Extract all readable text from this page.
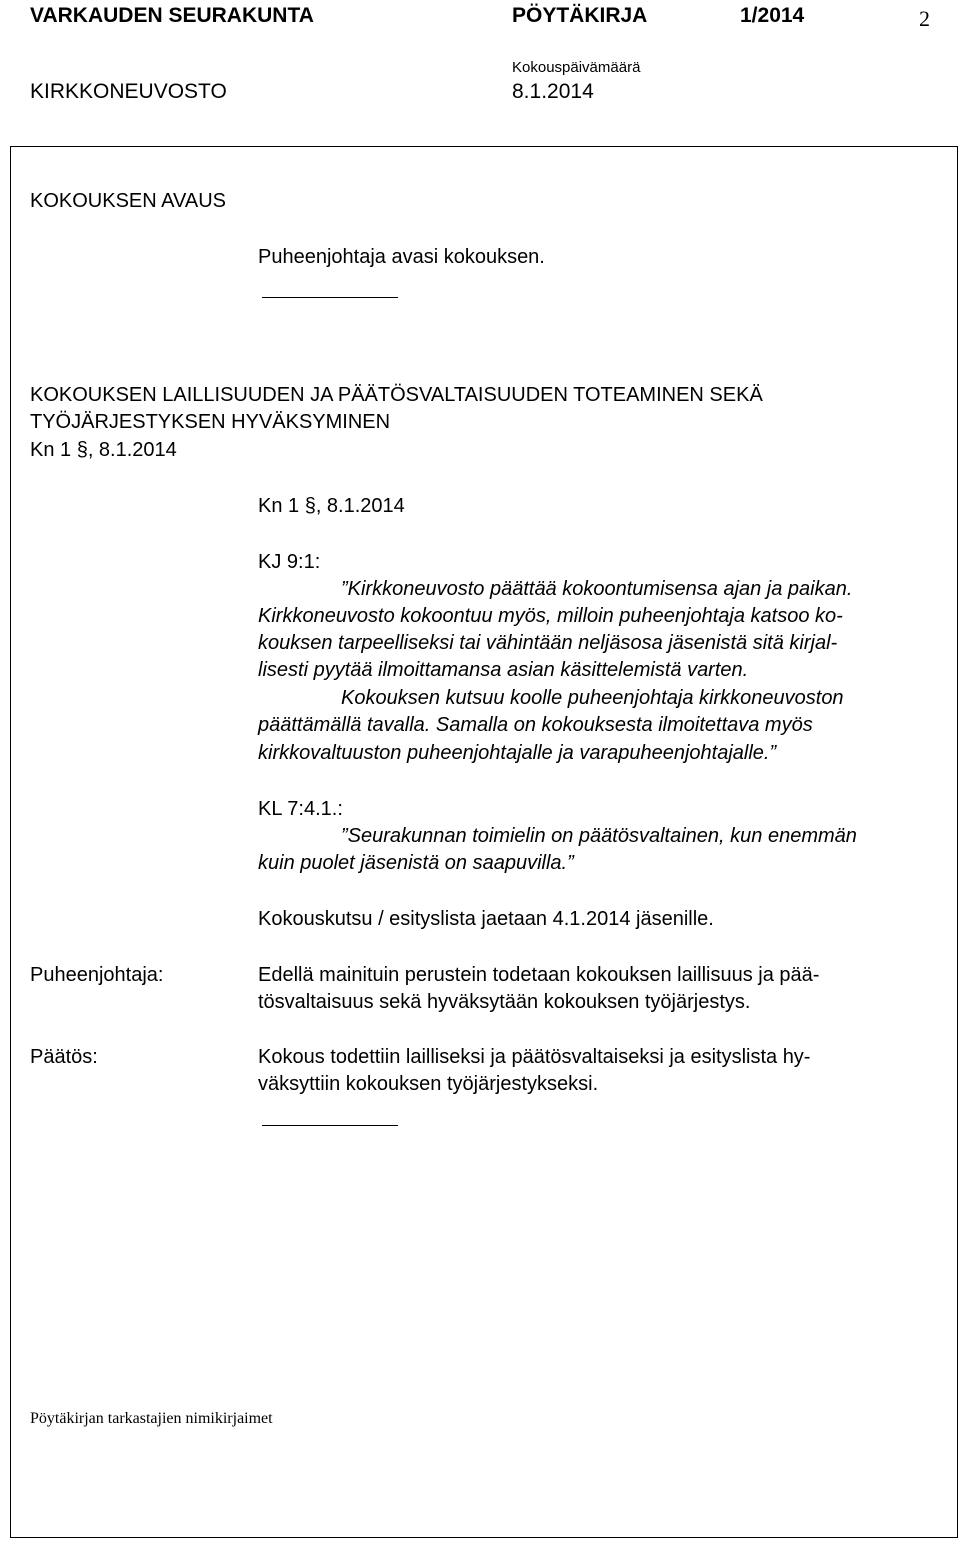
VARKAUDEN SEURAKUNTA	PÖYTÄKIRJA	1/2014	2
Kokouspäivämäärä
KIRKKONEUVOSTO	8.1.2014
KOKOUKSEN AVAUS
Puheenjohtaja avasi kokouksen.
KOKOUKSEN LAILLISUUDEN JA PÄÄTÖSVALTAISUUDEN TOTEAMINEN SEKÄ
TYÖJÄRJESTYKSEN HYVÄKSYMINEN
Kn 1 §, 8.1.2014
Kn 1 §, 8.1.2014
KJ 9:1:
”Kirkkoneuvosto päättää kokoontumisensa ajan ja paikan.
Kirkkoneuvosto kokoontuu myös, milloin puheenjohtaja katsoo ko-
kouksen tarpeelliseksi tai vähintään neljäsosa jäsenistä sitä kirjal-
lisesti pyytää ilmoittamansa asian käsittelemistä varten.
Kokouksen kutsuu koolle puheenjohtaja kirkkoneuvoston
päättämällä tavalla. Samalla on kokouksesta ilmoitettava myös
kirkkovaltuuston puheenjohtajalle ja varapuheenjohtajalle.”
KL 7:4.1.:
”Seurakunnan toimielin on päätösvaltainen, kun enemmän
kuin puolet jäsenistä on saapuvilla.”
Kokouskutsu / esityslista jaetaan 4.1.2014 jäsenille.
Puheenjohtaja:	Edellä mainituin perustein todetaan kokouksen laillisuus ja pää-
tösvaltaisuus sekä hyväksytään kokouksen työjärjestys.
Päätös:	Kokous todettiin lailliseksi ja päätösvaltaiseksi ja esityslista hy-
väksyttiin kokouksen työjärjestykseksi.
Pöytäkirjan tarkastajien nimikirjaimet
